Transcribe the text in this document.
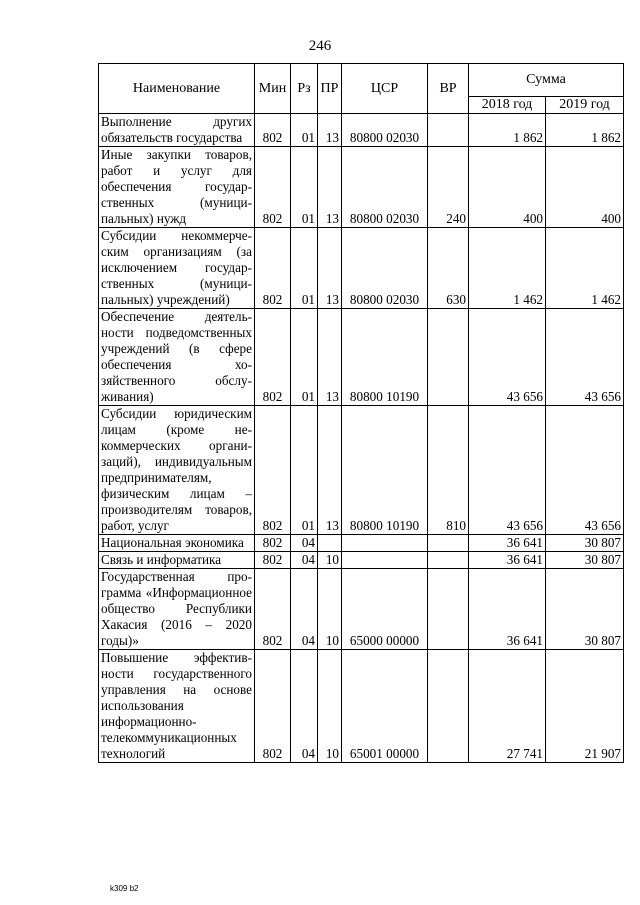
246
Наименование	Мин	Рз	ПР	ЦСР	ВР	Сумма	
						2018 год	2019 год
Выполнение других обязательств государства	802	01	13	80800 02030		1 862	1 862
Иные закупки товаров, работ и услуг для обеспечения государственных (муниципальных) нужд	802	01	13	80800 02030	240	400	400
Субсидии некоммерческим организациям (за исключением государственных (муниципальных) учреждений)	802	01	13	80800 02030	630	1 462	1 462
Обеспечение деятельности подведомственных учреждений (в сфере обеспечения хозяйственного обслуживания)	802	01	13	80800 10190		43 656	43 656
Субсидии юридическим лицам (кроме некоммерческих организаций), индивидуальным предпринимателям, физическим лицам – производителям товаров, работ, услуг	802	01	13	80800 10190	810	43 656	43 656
Национальная экономика	802	04				36 641	30 807
Связь и информатика	802	04	10			36 641	30 807
Государственная программа «Информационное общество Республики Хакасия (2016 – 2020 годы)»	802	04	10	65000 00000		36 641	30 807
Повышение эффективности государственного управления на основе использования информационно-телекоммуникационных технологий	802	04	10	65001 00000		27 741	21 907
k309 b2
